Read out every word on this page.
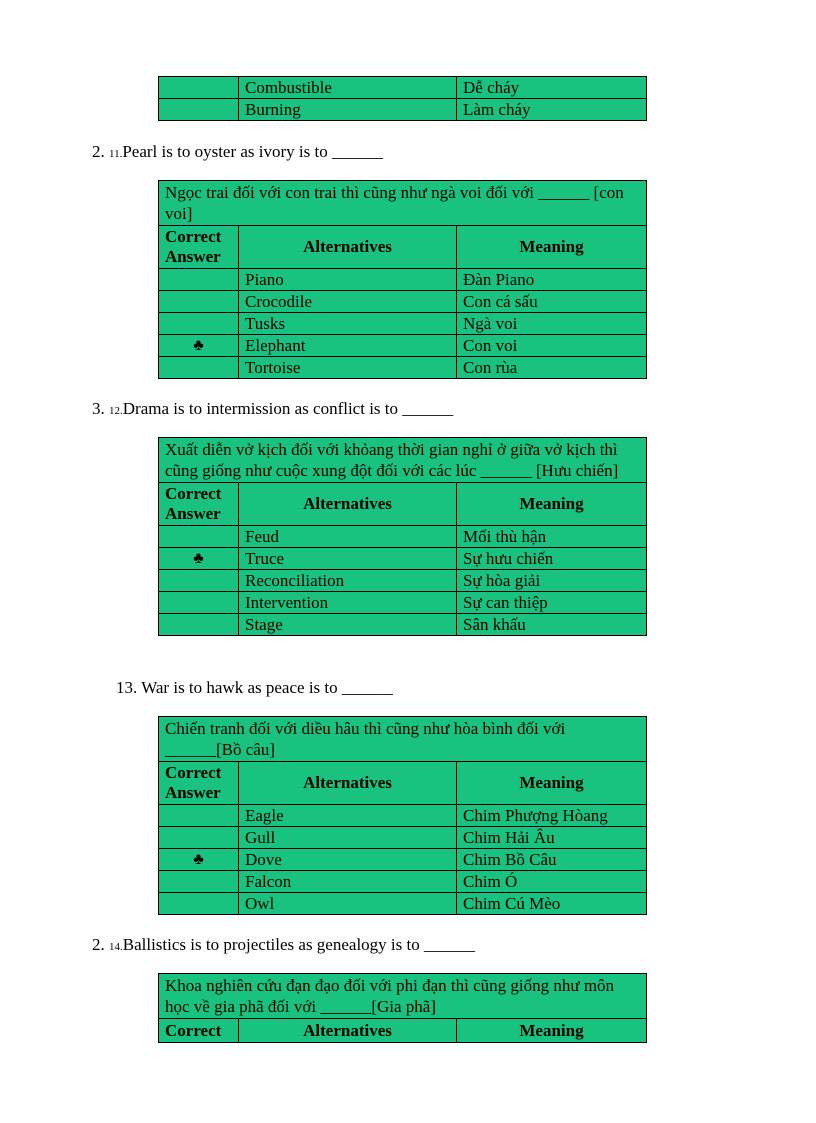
	Combustible	Dễ cháy
	Burning	Làm cháy
2. 11.Pearl is to oyster as ivory is to ______
Ngọc trai đối với con trai thì cũng như ngà voi đối với ______ [con voi]		
Correct Answer	Alternatives	Meaning
	Piano	Đàn Piano
	Crocodile	Con cá sấu
	Tusks	Ngà voi
♣	Elephant	Con voi
	Tortoise	Con rùa
3. 12.Drama is to intermission as conflict is to ______
Xuất diễn vở kịch đối với khỏang thời gian nghỉ ở giữa vở kịch thì cũng giống như cuộc xung đột đối với các lúc ______ [Hưu chiến]		
Correct Answer	Alternatives	Meaning
	Feud	Mối thù hận
♣	Truce	Sự hưu chiến
	Reconciliation	Sự hòa giải
	Intervention	Sự can thiệp
	Stage	Sân khấu
13. War is to hawk as peace is to ______
Chiến tranh đối với diều hâu thì cũng như hòa bình đối với ______[Bồ câu]		
Correct Answer	Alternatives	Meaning
	Eagle	Chim Phượng Hòang
	Gull	Chim Hải Âu
♣	Dove	Chim Bồ Câu
	Falcon	Chim Ó
	Owl	Chim Cú Mèo
2. 14.Ballistics is to projectiles as genealogy is to ______
Khoa nghiên cứu đạn đạo đối với phi đạn thì cũng giống như môn học về gia phã đối với ______[Gia phã]
Correct	Alternatives	Meaning
